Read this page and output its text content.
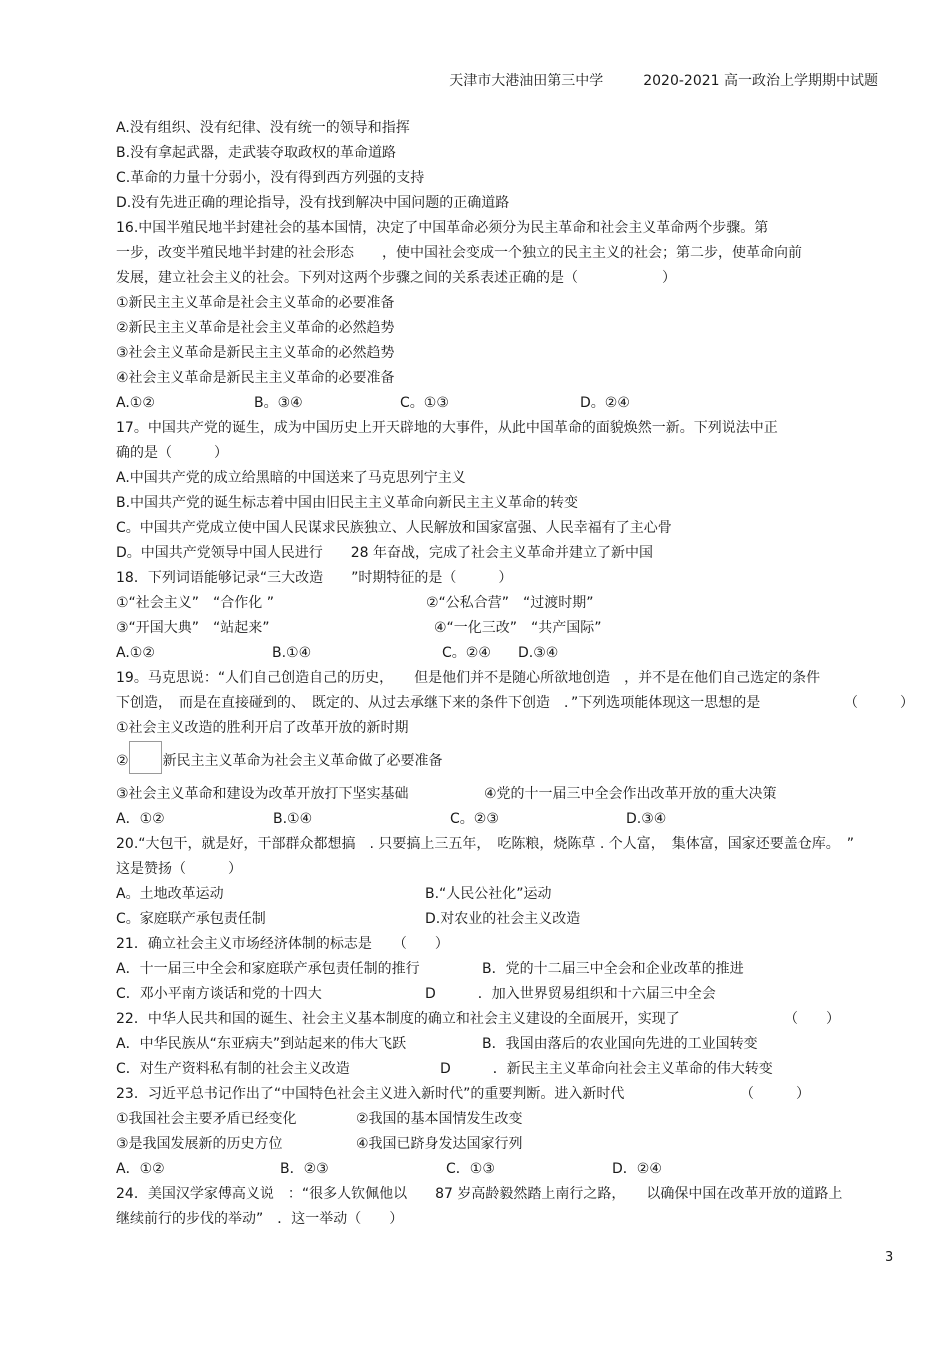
天津市大港油田第三中学	2020-2021 高一政治上学期期中试题
A.没有组织、没有纪律、没有统一的领导和指挥
B.没有拿起武器，走武装夺取政权的革命道路
C.革命的力量十分弱小，没有得到西方列强的支持
D.没有先进正确的理论指导，没有找到解决中国问题的正确道路
16.中国半殖民地半封建社会的基本国情，决定了中国革命必须分为民主革命和社会主义革命两个步骤。第
一步，改变半殖民地半封建的社会形态　　，使中国社会变成一个独立的民主主义的社会；第二步，使革命向前
发展，建立社会主义的社会。下列对这两个步骤之间的关系表述正确的是（　　　　　　）
①新民主主义革命是社会主义革命的必要准备
②新民主主义革命是社会主义革命的必然趋势
③社会主义革命是新民主主义革命的必然趋势
④社会主义革命是新民主主义革命的必要准备
A.①②	B。③④	C。①③	D。②④
17。中国共产党的诞生，成为中国历史上开天辟地的大事件，从此中国革命的面貌焕然一新。下列说法中正
确的是（　　　）
A.中国共产党的成立给黑暗的中国送来了马克思列宁主义
B.中国共产党的诞生标志着中国由旧民主主义革命向新民主主义革命的转变
C。中国共产党成立使中国人民谋求民族独立、人民解放和国家富强、人民幸福有了主心骨
D。中国共产党领导中国人民进行　　28 年奋战，完成了社会主义革命并建立了新中国
18．下列词语能够记录“三大改造　　”时期特征的是（　　　）
①“社会主义”　“合作化 ”	②“公私合营”　“过渡时期”
③“开国大典”　“站起来”	④“一化三改”　“共产国际”
A.①②	B.①④	C。②④	D.③④
19。马克思说：“人们自己创造自己的历史，　　但是他们并不是随心所欲地创造　，并不是在他们自己选定的条件
下创造，　而是在直接碰到的、　既定的、从过去承继下来的条件下创造　．”下列选项能体现这一思想的是	（　　　）
①社会主义改造的胜利开启了改革开放的新时期
② 新民主主义革命为社会主义革命做了必要准备
③社会主义革命和建设为改革开放打下坚实基础	④党的十一届三中全会作出改革开放的重大决策
A．①②	B.①④	C。②③	D.③④
20.“大包干，就是好，干部群众都想搞　. 只要搞上三五年，　吃陈粮，烧陈草 . 个人富，　集体富，国家还要盖仓库。　”
这是赞扬（　　　）
A。土地改革运动	B.“人民公社化”运动
C。家庭联产承包责任制	D.对农业的社会主义改造
21．确立社会主义市场经济体制的标志是　　（　　）
A．十一届三中全会和家庭联产承包责任制的推行	B．党的十二届三中全会和企业改革的推进
C．邓小平南方谈话和党的十四大	D　　　．加入世界贸易组织和十六届三中全会
22．中华人民共和国的诞生、社会主义基本制度的确立和社会主义建设的全面展开，实现了	（　　）
A．中华民族从“东亚病夫”到站起来的伟大飞跃	B．我国由落后的农业国向先进的工业国转变
C．对生产资料私有制的社会主义改造	D　　　．新民主主义革命向社会主义革命的伟大转变
23．习近平总书记作出了“中国特色社会主义进入新时代”的重要判断。进入新时代	（　　　）
①我国社会主要矛盾已经变化	②我国的基本国情发生改变
③是我国发展新的历史方位	④我国已跻身发达国家行列
A．①②	B．②③	C．①③	D．②④
24．美国汉学家傅高义说　：“很多人钦佩他以　　87 岁高龄毅然踏上南行之路，　　以确保中国在改革开放的道路上
继续前行的步伐的举动”　．这一举动（　　）
3
